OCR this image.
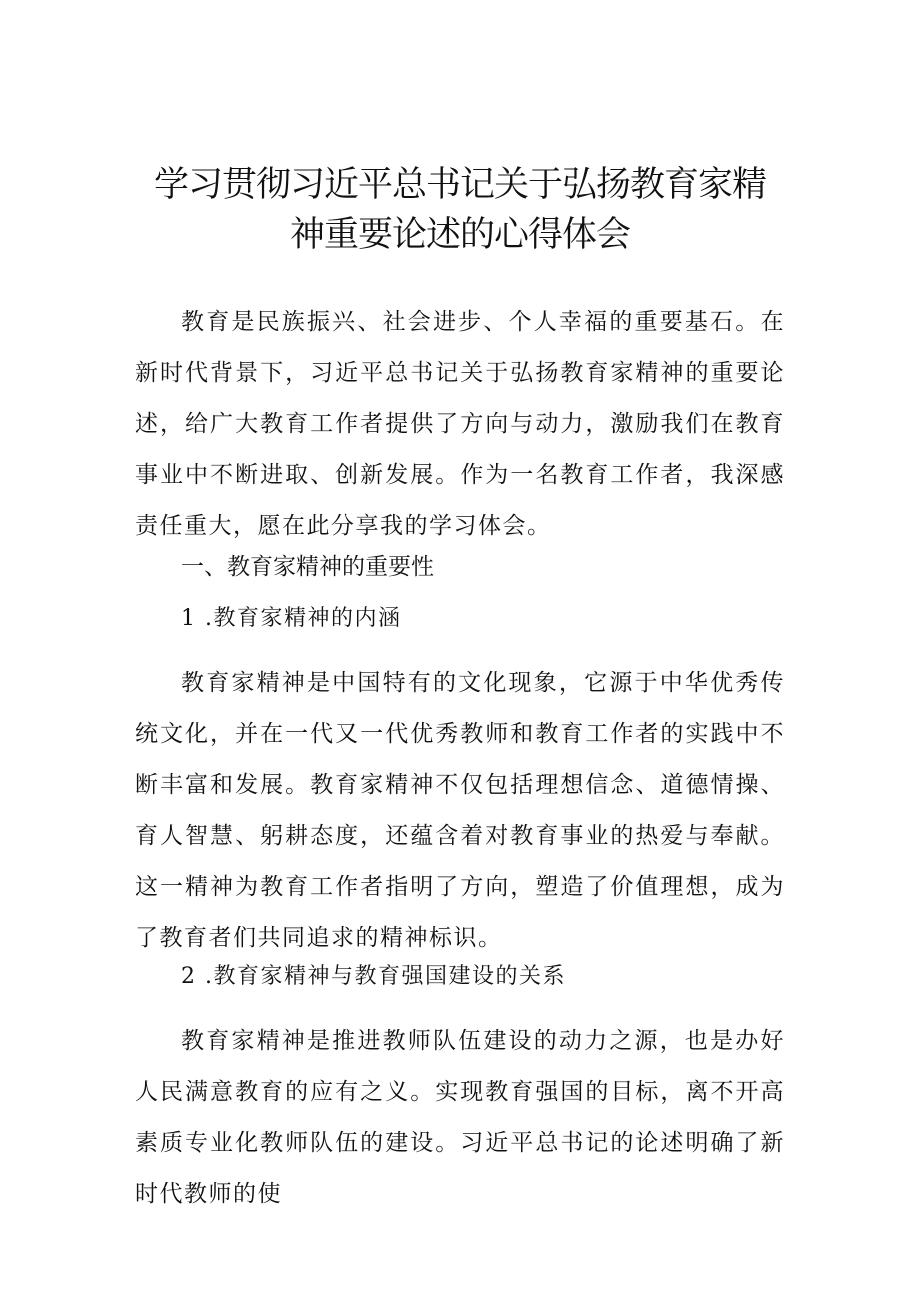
学习贯彻习近平总书记关于弘扬教育家精
神重要论述的心得体会

教育是民族振兴、社会进步、个人幸福的重要基石。在新时代背景下，习近平总书记关于弘扬教育家精神的重要论述，给广大教育工作者提供了方向与动力，激励我们在教育事业中不断进取、创新发展。作为一名教育工作者，我深感责任重大，愿在此分享我的学习体会。

一、教育家精神的重要性
1 .教育家精神的内涵

教育家精神是中国特有的文化现象，它源于中华优秀传统文化，并在一代又一代优秀教师和教育工作者的实践中不断丰富和发展。教育家精神不仅包括理想信念、道德情操、育人智慧、躬耕态度，还蕴含着对教育事业的热爱与奉献。这一精神为教育工作者指明了方向，塑造了价值理想，成为了教育者们共同追求的精神标识。

2 .教育家精神与教育强国建设的关系

教育家精神是推进教师队伍建设的动力之源，也是办好人民满意教育的应有之义。实现教育强国的目标，离不开高素质专业化教师队伍的建设。习近平总书记的论述明确了新时代教师的使
